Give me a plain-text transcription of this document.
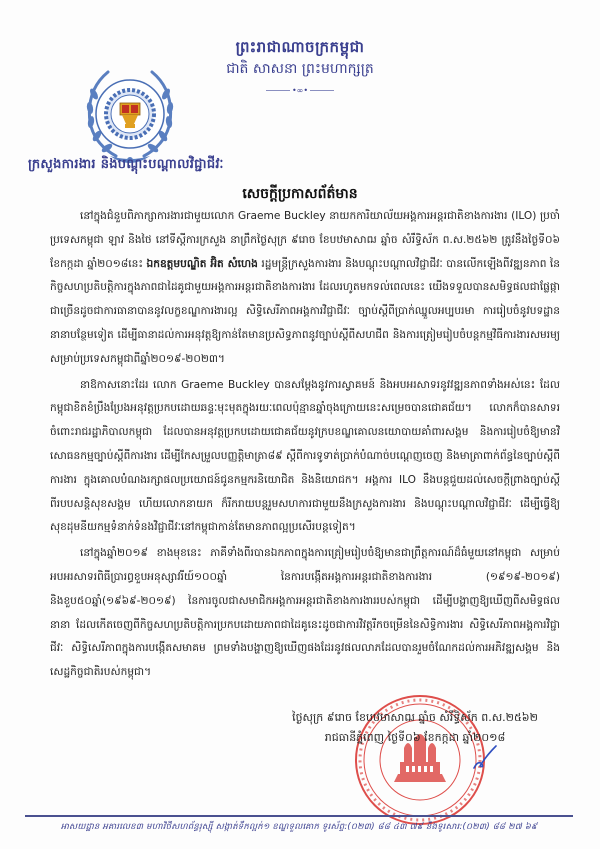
ព្រះរាជាណាចក្រកម្ពុជា
ជាតិ សាសនា ព្រះមហាក្សត្រ
•∞•
ក្រសួងការងារ និងបណ្តុះបណ្តាលវិជ្ជាជីវៈ
សេចក្តីប្រកាសព័ត៌មាន

នៅក្នុងជំនួបពិភាក្សាការងារជាមួយលោក Graeme Buckley នាយកការិយាល័យអង្គការអន្តរជាតិខាងការងារ (ILO) ប្រចាំប្រទេសកម្ពុជា ឡាវ និងថៃ នៅទីស្តីការក្រសួង នាព្រឹកថ្ងៃសុក្រ ៩រោច ខែបឋមាសាឍ ឆ្នាំច សំរឹទ្ធិស័ក ព.ស.២៥៦២ ត្រូវនឹងថ្ងៃទី០៦ ខែកក្កដា ឆ្នាំ២០១៨នេះ ឯកឧត្តមបណ្ឌិត អ៊ិត សំហេង រដ្ឋមន្ត្រីក្រសួងការងារ និងបណ្តុះបណ្តាលវិជ្ជាជីវៈ បានលើកឡើងពីវឌ្ឍនភាព នៃកិច្ចសហប្រតិបត្តិការក្នុងភាពជាដៃគូជាមួយអង្គការអន្តរជាតិខាងការងារ ដែលរហូតមកទល់ពេលនេះ យើងទទួលបានសមិទ្ធផលជាផ្លែផ្កាជាច្រើនដូចជាការធានាបាននូវលក្ខខណ្ឌការងារល្អ សិទ្ធិសេរីភាពអង្គការវិជ្ជាជីវៈ ច្បាប់ស្តីពីប្រាក់ឈ្នួលអប្បបរមា ការរៀបចំនូវបទដ្ឋាននានាបន្ថែមទៀត ដើម្បីធានាដល់ការអនុវត្តឱ្យកាន់តែមានប្រសិទ្ធភាពនូវច្បាប់ស្តីពីសហជីព និងការត្រៀមរៀបចំបន្តកម្មវិធីការងារសមរម្យសម្រាប់ប្រទេសកម្ពុជាពីឆ្នាំ២០១៩-២០២៣។

នាឱកាសនោះដែរ លោក Graeme Buckley បានសម្តែងនូវការស្វាគមន៍ និងអបអរសាទរនូវវឌ្ឍនភាពទាំងអស់នេះ ដែលកម្ពុជាខិតខំប្រឹងប្រែងអនុវត្តប្រកបដោយឆន្ទៈមុះមុតក្នុងរយៈពេលប៉ុន្មានឆ្នាំចុងក្រោយនេះសម្រេចបានជោគជ័យ។ លោកក៏បានសាទរចំពោះរាជរដ្ឋាភិបាលកម្ពុជា ដែលបានអនុវត្តប្រកបដោយជោគជ័យនូវក្របខណ្ឌគោលនយោបាយគាំពារសង្គម និងការរៀបចំឱ្យមានវិសោធនកម្មច្បាប់ស្តីពីការងារ ដើម្បីកែសម្រួលបញ្ញត្តិមាត្រា៨៩ ស្តីពីការទូទាត់ប្រាក់បំណាច់បណ្តេញចេញ និងមាត្រាពាក់ព័ន្ធនៃច្បាប់ស្តីពីការងារ ក្នុងគោលបំណងរក្សាផលប្រយោជន៍ជូនកម្មករនិយោជិត និងនិយោជក។ អង្គការ ILO នឹងបន្តជួយដល់សេចក្តីព្រាងច្បាប់ស្តីពីរបបសន្តិសុខសង្គម ហើយលោកនាយក ក៏រីករាយបន្តរួមសហការជាមួយនឹងក្រសួងការងារ និងបណ្តុះបណ្តាលវិជ្ជាជីវៈ ដើម្បីធ្វើឱ្យសុខដុមនីយកម្មទំនាក់ទំនងវិជ្ជាជីវៈនៅកម្ពុជាកាន់តែមានភាពល្អប្រសើរបន្តទៀត។

នៅក្នុងឆ្នាំ២០១៩ ខាងមុខនេះ ភាគីទាំងពីរបានឯកភាពក្នុងការត្រៀមរៀបចំឱ្យមានជាព្រឹត្តការណ៍ដ៏ធំមួយនៅកម្ពុជា សម្រាប់អបអរសាទរពិធីប្រារព្ធខួបអនុស្សាវរីយ៍១០០ឆ្នាំ នៃការបង្កើតអង្គការអន្តរជាតិខាងការងារ (១៩១៩-២០១៩) និងខួប៥០ឆ្នាំ(១៩៦៩-២០១៩) នៃការចូលជាសមាជិកអង្គការអន្តរជាតិខាងការងាររបស់កម្ពុជា ដើម្បីបង្ហាញឱ្យឃើញពីសមិទ្ធផលនានា ដែលកើតចេញពីកិច្ចសហប្រតិបត្តិការប្រកបដោយភាពជាដៃគូនេះដូចជាការវិវត្តរីកចម្រើននៃសិទ្ធិការងារ សិទ្ធិសេរីភាពអង្គការវិជ្ជាជីវៈ សិទ្ធិសេរីភាពក្នុងការបង្កើតសមាគម ព្រមទាំងបង្ហាញឱ្យឃើញផងដែរនូវផលលាភដែលបានរួមចំណែកដល់ការអភិវឌ្ឍសង្គម និងសេដ្ឋកិច្ចជាតិរបស់កម្ពុជា។

ថ្ងៃសុក្រ ៩រោច ខែបឋមាសាឍ ឆ្នាំច សំរឹទ្ធិស័ក ព.ស.២៥៦២
រាជធានីភ្នំពេញ ថ្ងៃទី០៦ ខែកក្កដា ឆ្នាំ២០១៨
អាសយដ្ឋាន អគារលេខ៣ មហាវិថីសហព័ន្ធរុស្ស៊ី សង្កាត់ទឹកល្អក់១ ខណ្ឌទួលគោក ទូរស័ព្ទ:(០២៣) ៨៨ ៤៣ ៧៩ និងទូរសារ:(០២៣) ៨៨ ២៧ ៦៩
